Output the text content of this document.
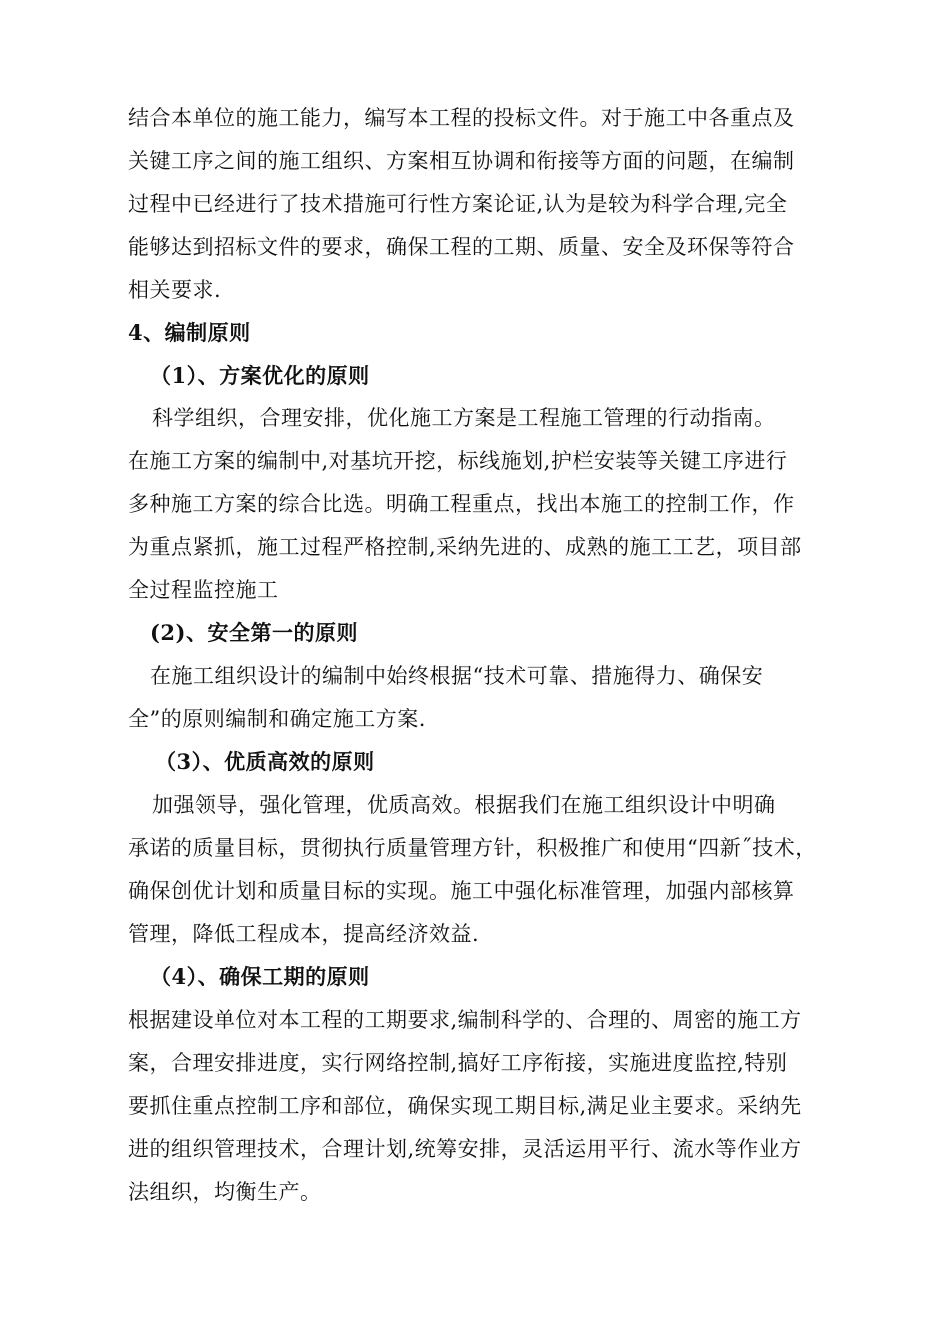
结合本单位的施工能力，编写本工程的投标文件。对于施工中各重点及
关键工序之间的施工组织、方案相互协调和衔接等方面的问题，在编制
过程中已经进行了技术措施可行性方案论证,认为是较为科学合理,完全
能够达到招标文件的要求，确保工程的工期、质量、安全及环保等符合
相关要求.
4、编制原则
（1）、方案优化的原则
科学组织，合理安排，优化施工方案是工程施工管理的行动指南。
在施工方案的编制中,对基坑开挖，标线施划,护栏安装等关键工序进行
多种施工方案的综合比选。明确工程重点，找出本施工的控制工作，作
为重点紧抓，施工过程严格控制,采纳先进的、成熟的施工工艺，项目部
全过程监控施工
(2)、安全第一的原则
在施工组织设计的编制中始终根据“技术可靠、措施得力、确保安
全”的原则编制和确定施工方案.
（3）、优质高效的原则
加强领导，强化管理，优质高效。根据我们在施工组织设计中明确
承诺的质量目标，贯彻执行质量管理方针，积极推广和使用“四新˝技术，
确保创优计划和质量目标的实现。施工中强化标准管理，加强内部核算
管理，降低工程成本，提高经济效益.
（4）、确保工期的原则
根据建设单位对本工程的工期要求,编制科学的、合理的、周密的施工方
案，合理安排进度，实行网络控制,搞好工序衔接，实施进度监控,特别
要抓住重点控制工序和部位，确保实现工期目标,满足业主要求。采纳先
进的组织管理技术，合理计划,统筹安排，灵活运用平行、流水等作业方
法组织，均衡生产。
